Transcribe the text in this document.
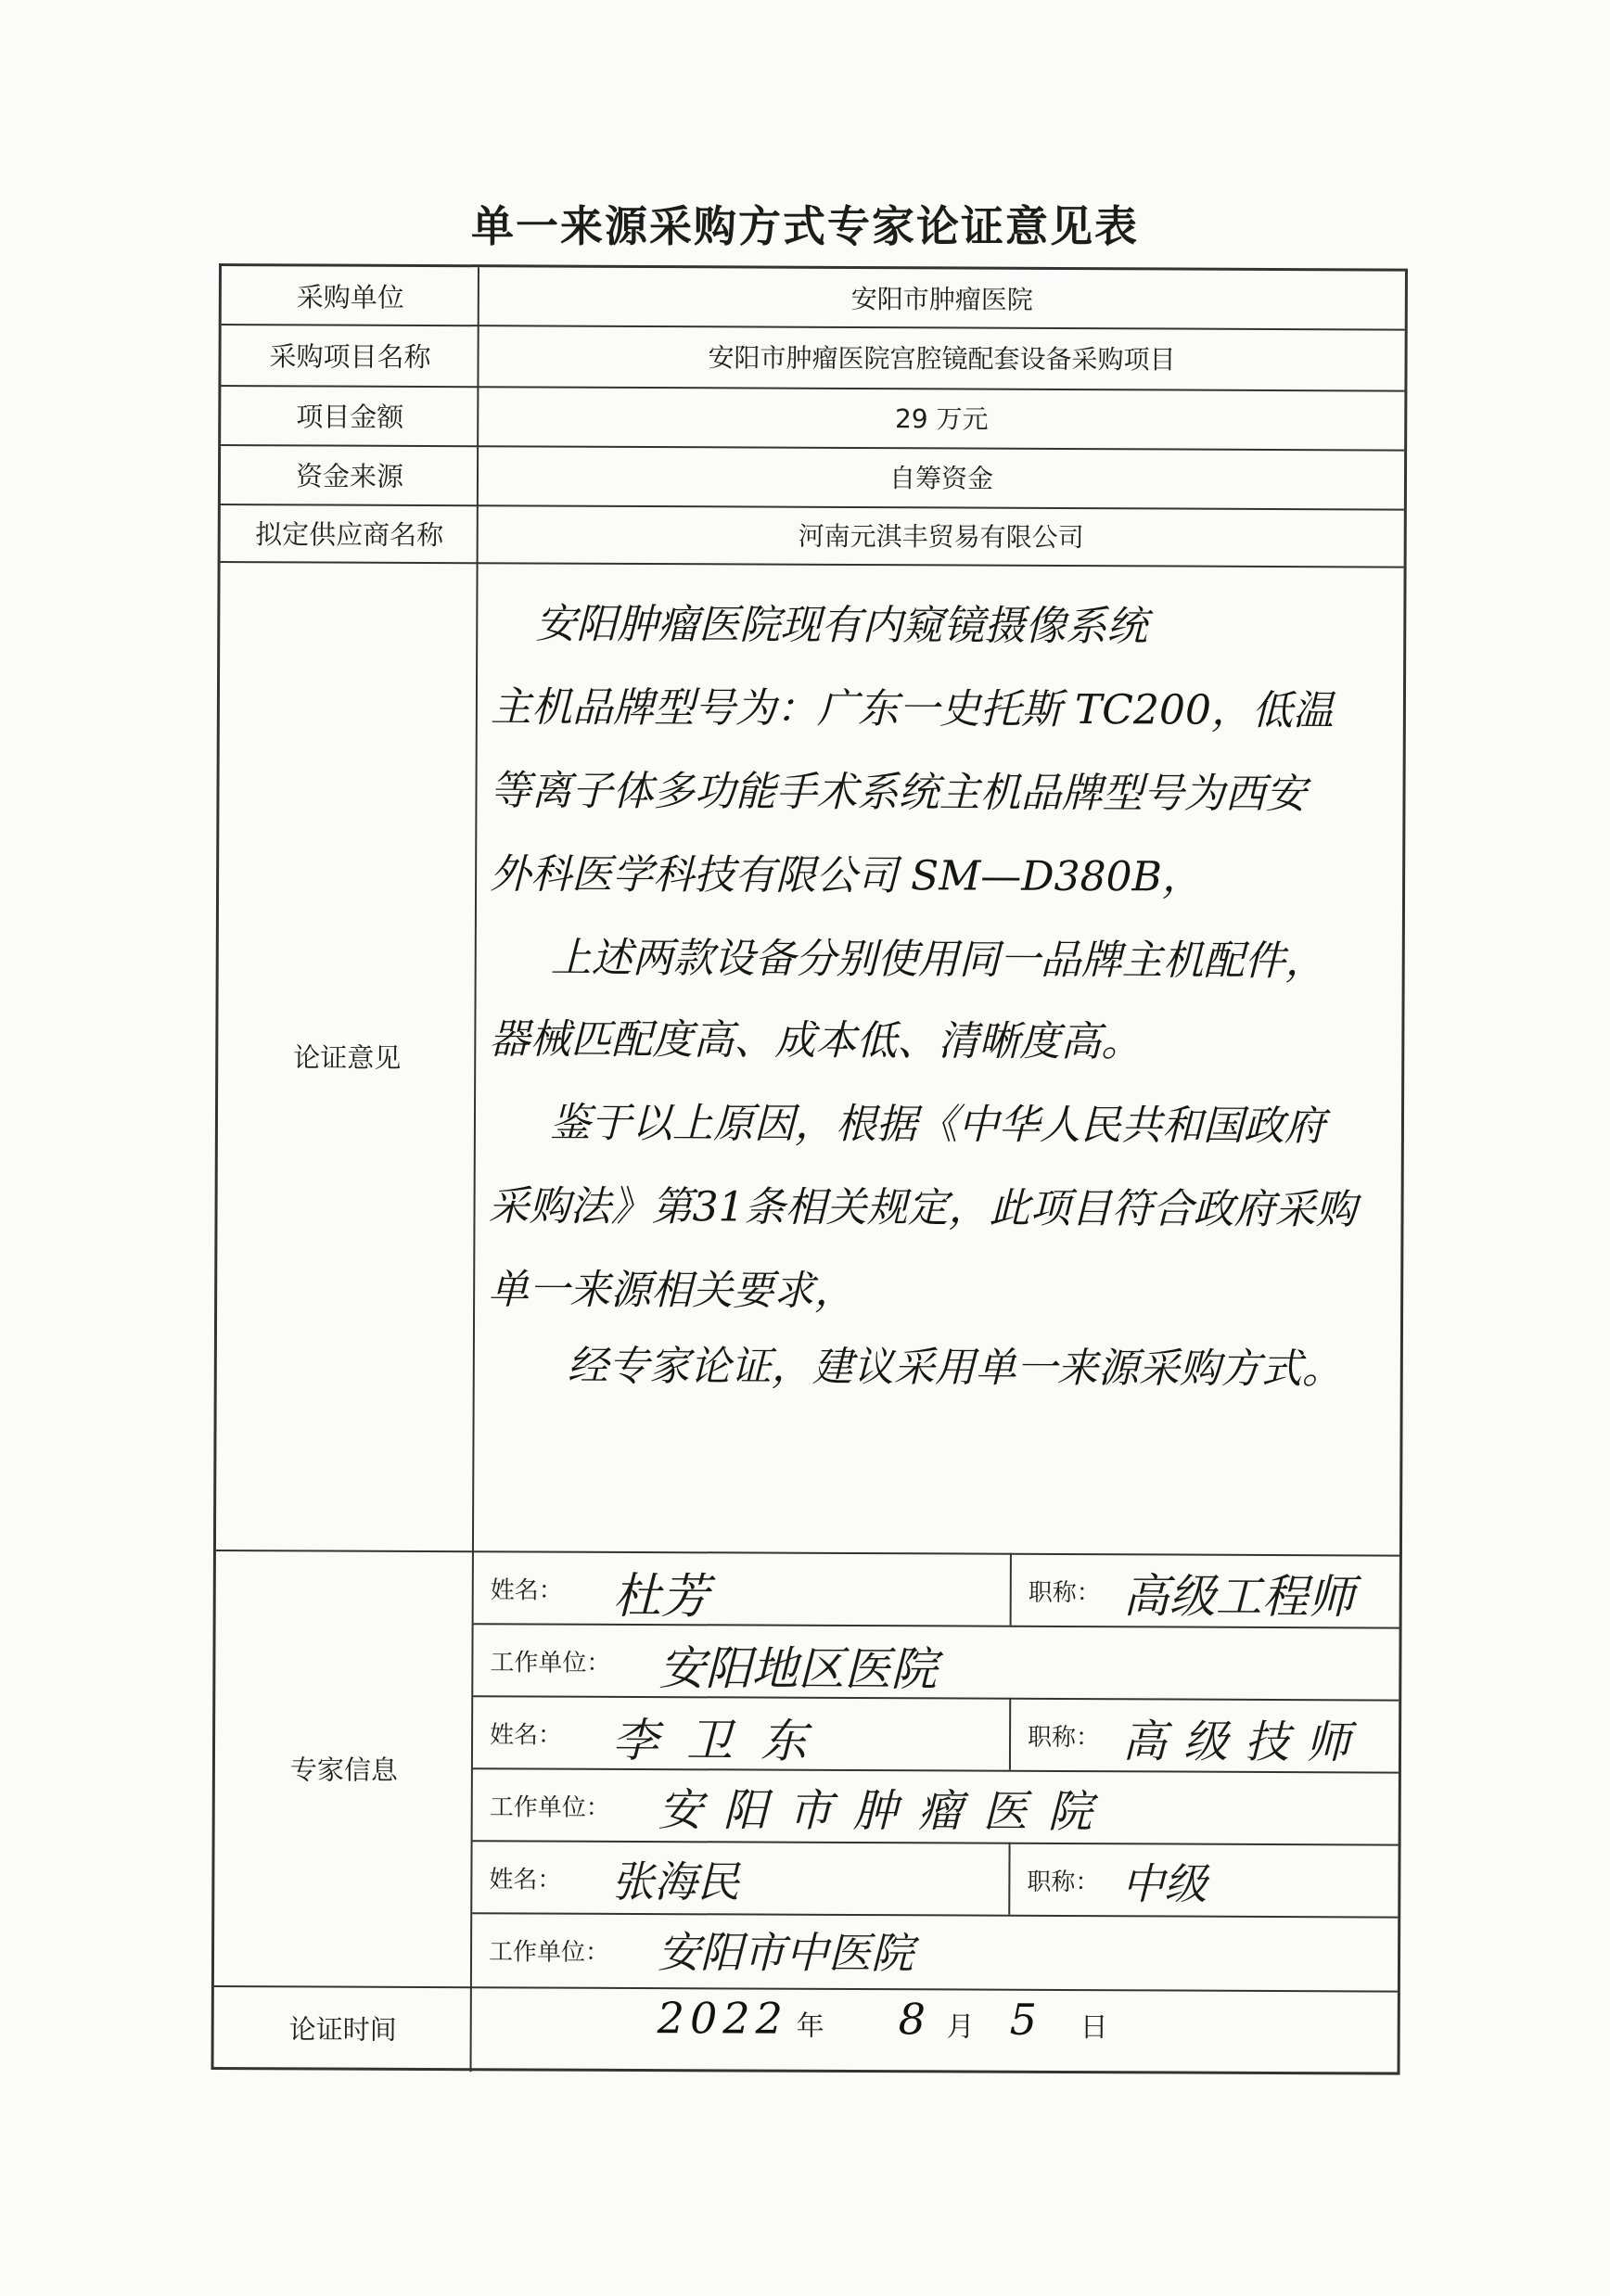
单一来源采购方式专家论证意见表
采购单位	安阳市肿瘤医院
采购项目名称	安阳市肿瘤医院宫腔镜配套设备采购项目
项目金额	29 万元
资金来源	自筹资金
拟定供应商名称	河南元淇丰贸易有限公司
论证意见
安阳肿瘤医院现有内窥镜摄像系统
主机品牌型号为：广东一史托斯 TC200，低温
等离子体多功能手术系统主机品牌型号为西安
外科医学科技有限公司 SM—D380B，
上述两款设备分别使用同一品牌主机配件，
器械匹配度高、成本低、清晰度高。
鉴于以上原因，根据《中华人民共和国政府
采购法》第31条相关规定，此项目符合政府采购
单一来源相关要求，
经专家论证，建议采用单一来源采购方式。
专家信息
姓名： 杜芳	职称： 高级工程师
工作单位： 安阳地区医院
姓名： 李卫东	职称： 高级技师
工作单位： 安阳市肿瘤医院
姓名： 张海民	职称： 中级
工作单位： 安阳市中医院
论证时间	2022 年 8 月 5 日
